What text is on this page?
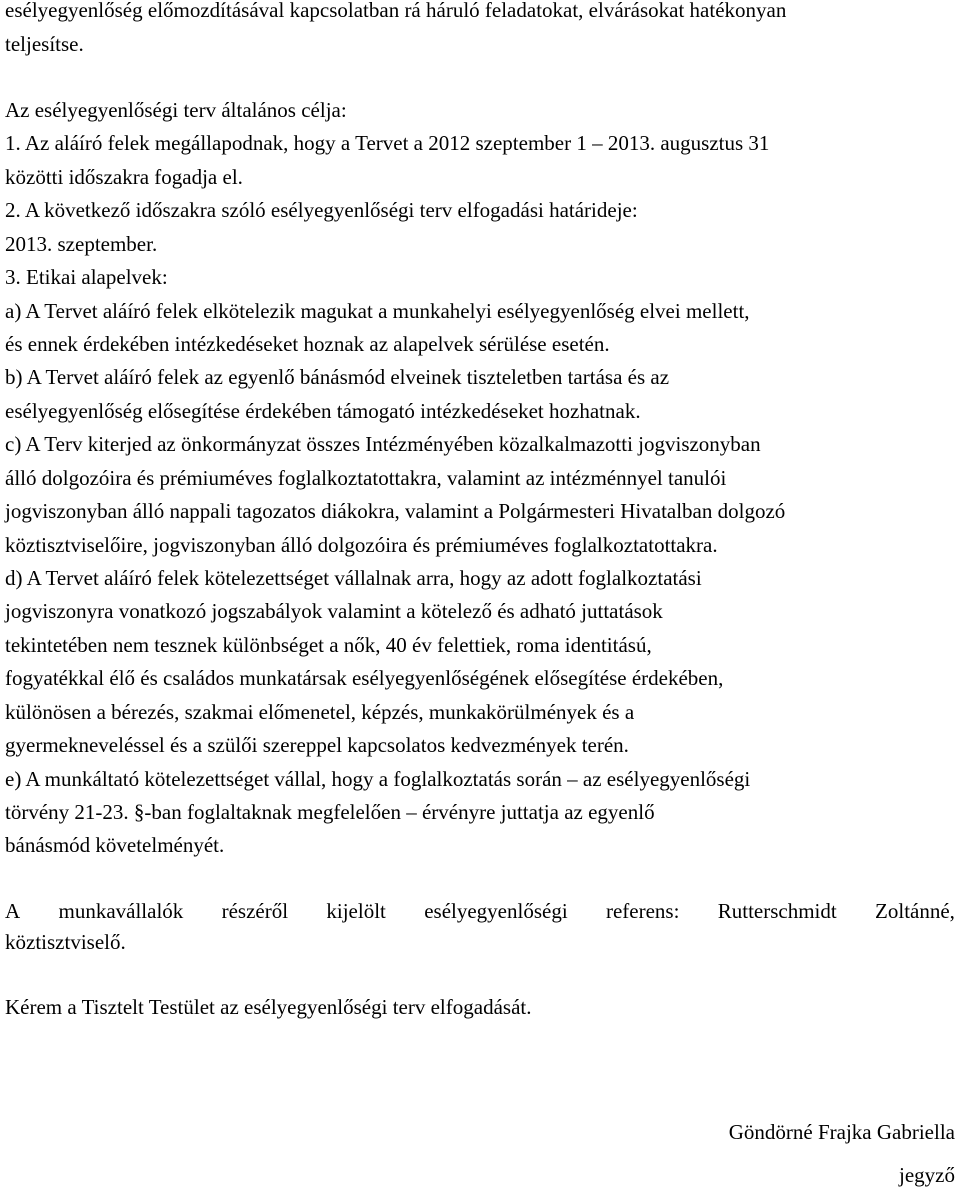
esélyegyenlőség előmozdításával kapcsolatban rá háruló feladatokat, elvárásokat hatékonyan
teljesítse.
Az esélyegyenlőségi terv általános célja:
1. Az aláíró felek megállapodnak, hogy a Tervet a 2012 szeptember 1 – 2013. augusztus 31
közötti időszakra fogadja el.
2. A következő időszakra szóló esélyegyenlőségi terv elfogadási határideje:
2013. szeptember.
3. Etikai alapelvek:
a) A Tervet aláíró felek elkötelezik magukat a munkahelyi esélyegyenlőség elvei mellett,
és ennek érdekében intézkedéseket hoznak az alapelvek sérülése esetén.
b) A Tervet aláíró felek az egyenlő bánásmód elveinek tiszteletben tartása és az
esélyegyenlőség elősegítése érdekében támogató intézkedéseket hozhatnak.
c) A Terv kiterjed az önkormányzat összes Intézményében közalkalmazotti jogviszonyban
álló dolgozóira és prémiuméves foglalkoztatottakra, valamint az intézménnyel tanulói
jogviszonyban álló nappali tagozatos diákokra, valamint a Polgármesteri Hivatalban dolgozó
köztisztviselőire, jogviszonyban álló dolgozóira és prémiuméves foglalkoztatottakra.
d) A Tervet aláíró felek kötelezettséget vállalnak arra, hogy az adott foglalkoztatási
jogviszonyra vonatkozó jogszabályok valamint a kötelező és adható juttatások
tekintetében nem tesznek különbséget a nők, 40 év felettiek, roma identitású,
fogyatékkal élő és családos munkatársak esélyegyenlőségének elősegítése érdekében,
különösen a bérezés, szakmai előmenetel, képzés, munkakörülmények és a
gyermekneveléssel és a szülői szereppel kapcsolatos kedvezmények terén.
e) A munkáltató kötelezettséget vállal, hogy a foglalkoztatás során – az esélyegyenlőségi
törvény 21-23. §-ban foglaltaknak megfelelően – érvényre juttatja az egyenlő
bánásmód követelményét.
A munkavállalók részéről kijelölt esélyegyenlőségi referens: Rutterschmidt Zoltánné,
köztisztviselő.
Kérem a Tisztelt Testület az esélyegyenlőségi terv elfogadását.
Göndörné Frajka Gabriella
jegyző
